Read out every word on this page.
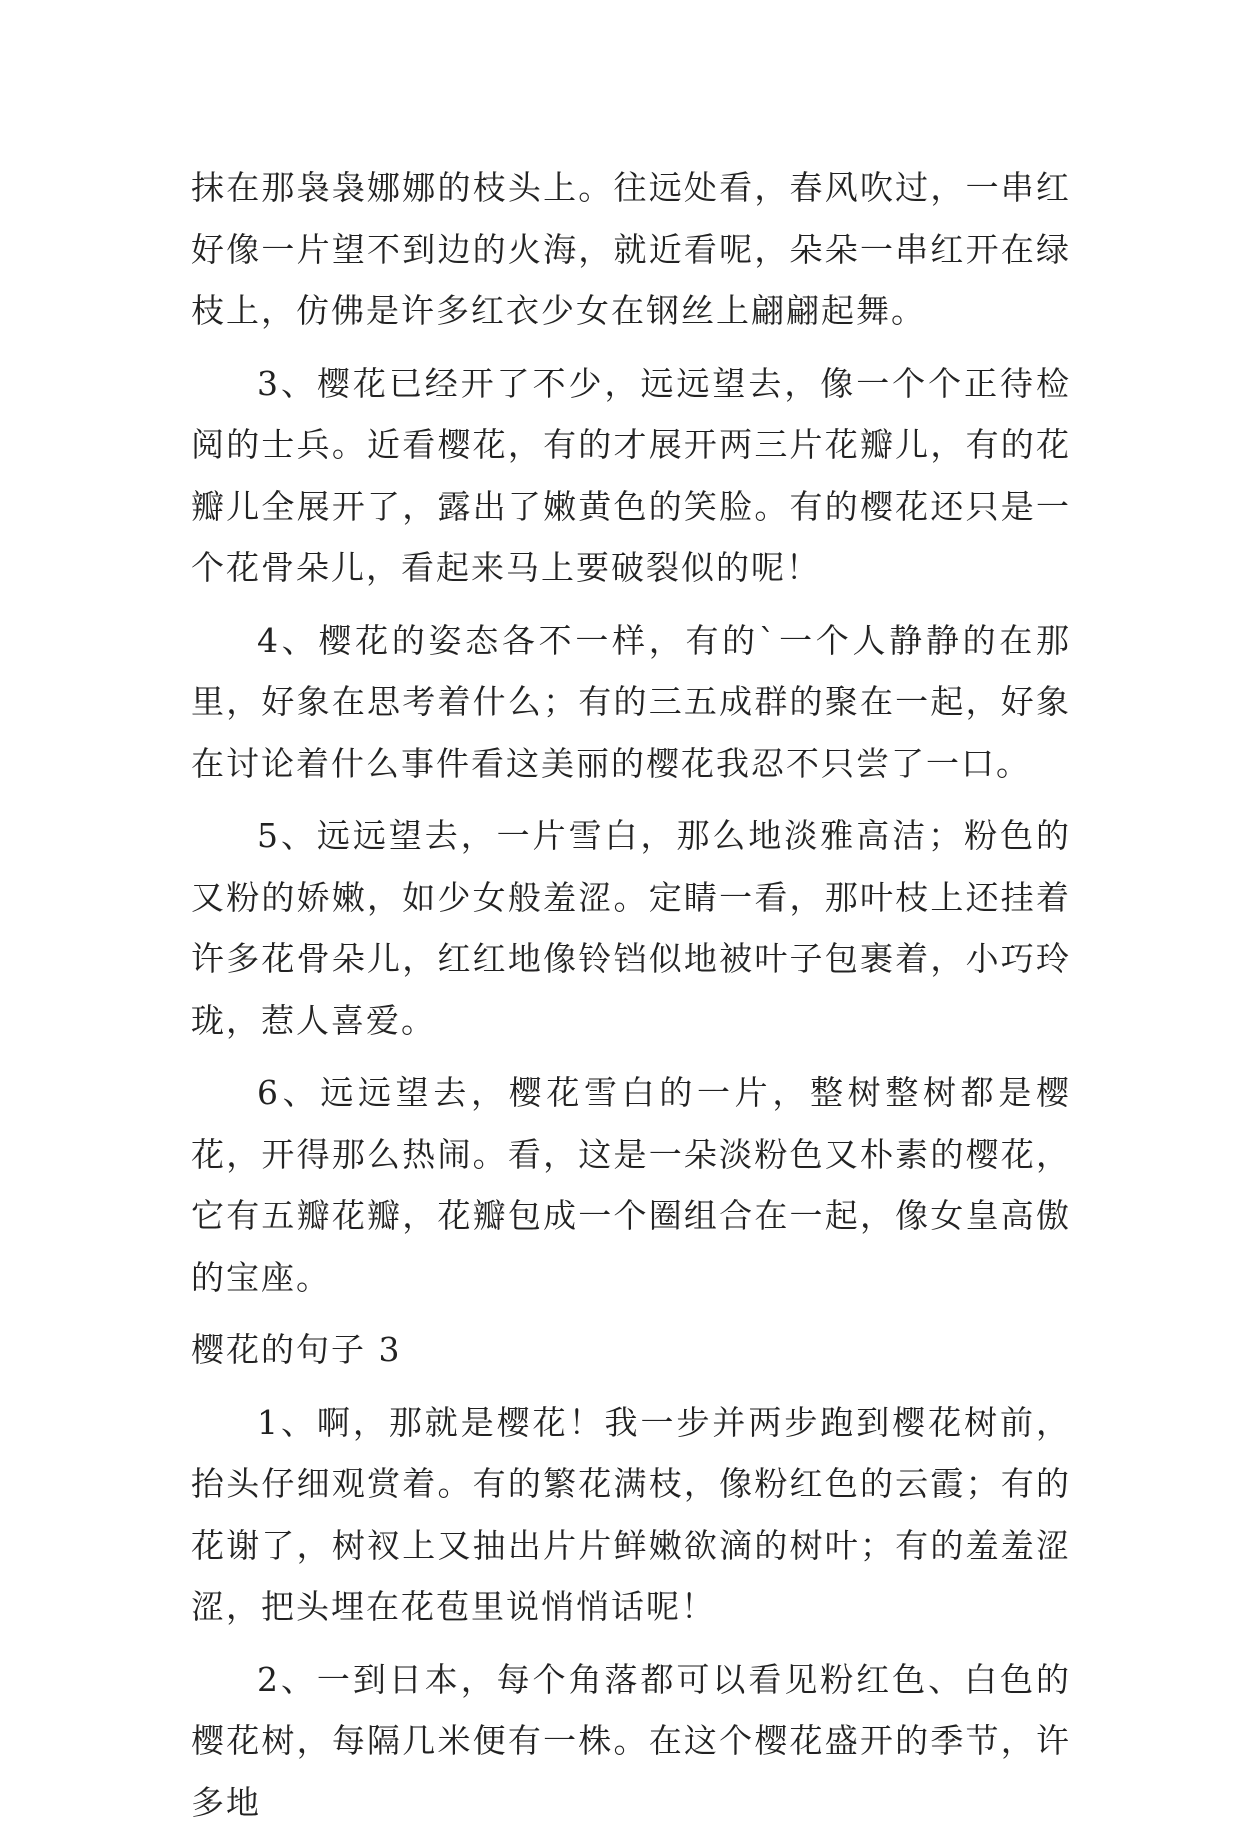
抹在那袅袅娜娜的枝头上。往远处看，春风吹过，一串红好像一片望不到边的火海，就近看呢，朵朵一串红开在绿枝上，仿佛是许多红衣少女在钢丝上翩翩起舞。

3、樱花已经开了不少，远远望去，像一个个正待检阅的士兵。近看樱花，有的才展开两三片花瓣儿，有的花瓣儿全展开了，露出了嫩黄色的笑脸。有的樱花还只是一个花骨朵儿，看起来马上要破裂似的呢！

4、樱花的姿态各不一样，有的`一个人静静的在那里，好象在思考着什么；有的三五成群的聚在一起，好象在讨论着什么事件看这美丽的樱花我忍不只尝了一口。

5、远远望去，一片雪白，那么地淡雅高洁；粉色的又粉的娇嫩，如少女般羞涩。定睛一看，那叶枝上还挂着许多花骨朵儿，红红地像铃铛似地被叶子包裹着，小巧玲珑，惹人喜爱。

6、远远望去，樱花雪白的一片，整树整树都是樱花，开得那么热闹。看，这是一朵淡粉色又朴素的樱花，它有五瓣花瓣，花瓣包成一个圈组合在一起，像女皇高傲的宝座。

樱花的句子 3

1、啊，那就是樱花！我一步并两步跑到樱花树前，抬头仔细观赏着。有的繁花满枝，像粉红色的云霞；有的花谢了，树衩上又抽出片片鲜嫩欲滴的树叶；有的羞羞涩涩，把头埋在花苞里说悄悄话呢！

2、一到日本，每个角落都可以看见粉红色、白色的樱花树，每隔几米便有一株。在这个樱花盛开的季节，许多地
